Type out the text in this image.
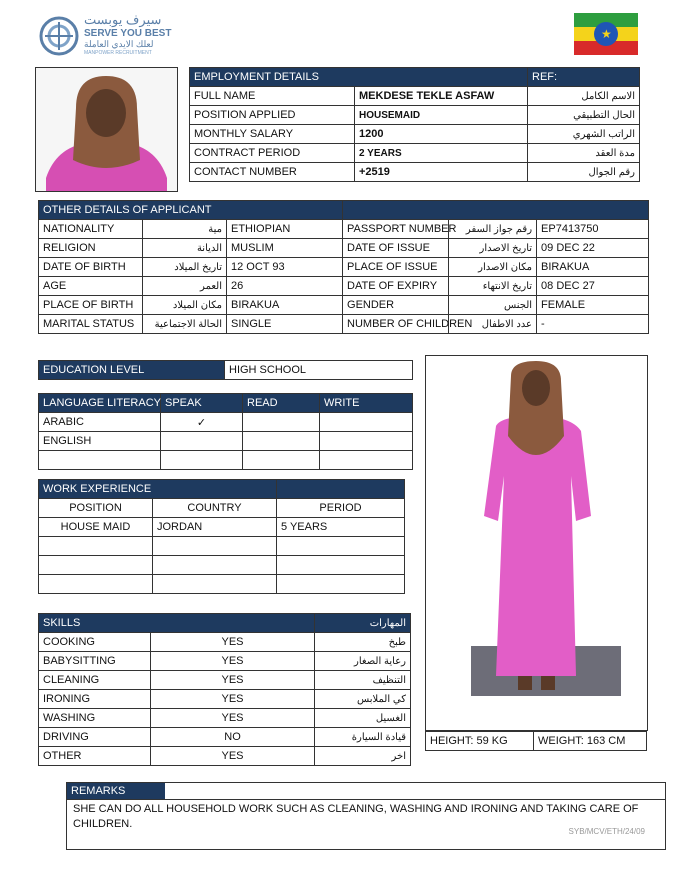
سيرف يوبست
SERVE YOU BEST
لعلك الايدي العاملة
MANPOWER RECRUITMENT
★
EMPLOYMENT DETAILS		REF:
FULL NAME	MEKDESE TEKLE ASFAW	الاسم الكامل
POSITION APPLIED	HOUSEMAID	الحال التطبيقي
MONTHLY SALARY	1200	الراتب الشهري
CONTRACT PERIOD	2 YEARS	مدة العقد
CONTACT NUMBER	+2519	رقم الجوال
OTHER DETAILS OF APPLICANT					
NATIONALITY	مية	ETHIOPIAN	PASSPORT NUMBER	رقم جواز السفر	EP7413750
RELIGION	الديانة	MUSLIM	DATE OF ISSUE	تاريخ الاصدار	09 DEC 22
DATE OF BIRTH	تاريخ الميلاد	12 OCT 93	PLACE OF ISSUE	مكان الاصدار	BIRAKUA
AGE	العمر	26	DATE OF EXPIRY	تاريخ الانتهاء	08 DEC 27
PLACE OF BIRTH	مكان الميلاد	BIRAKUA	GENDER	الجنس	FEMALE
MARITAL STATUS	الحالة الاجتماعية	SINGLE	NUMBER OF CHILDREN	عدد الاطفال	-
EDUCATION LEVEL	HIGH SCHOOL
LANGUAGE LITERACY	SPEAK	READ	WRITE
ARABIC	✓		
ENGLISH			

WORK EXPERIENCE		
POSITION	COUNTRY	PERIOD
HOUSE MAID	JORDAN	5 YEARS

SKILLS		المهارات
COOKING	YES	طبخ
BABYSITTING	YES	رعاية الصغار
CLEANING	YES	التنظيف
IRONING	YES	كي الملابس
WASHING	YES	الغسيل
DRIVING	NO	قيادة السيارة
OTHER	YES	اخر
HEIGHT: 59 KG	WEIGHT: 163 CM
REMARKS
SHE CAN DO ALL HOUSEHOLD WORK SUCH AS CLEANING, WASHING AND IRONING AND TAKING CARE OF CHILDREN.
SYB/MCV/ETH/24/09
